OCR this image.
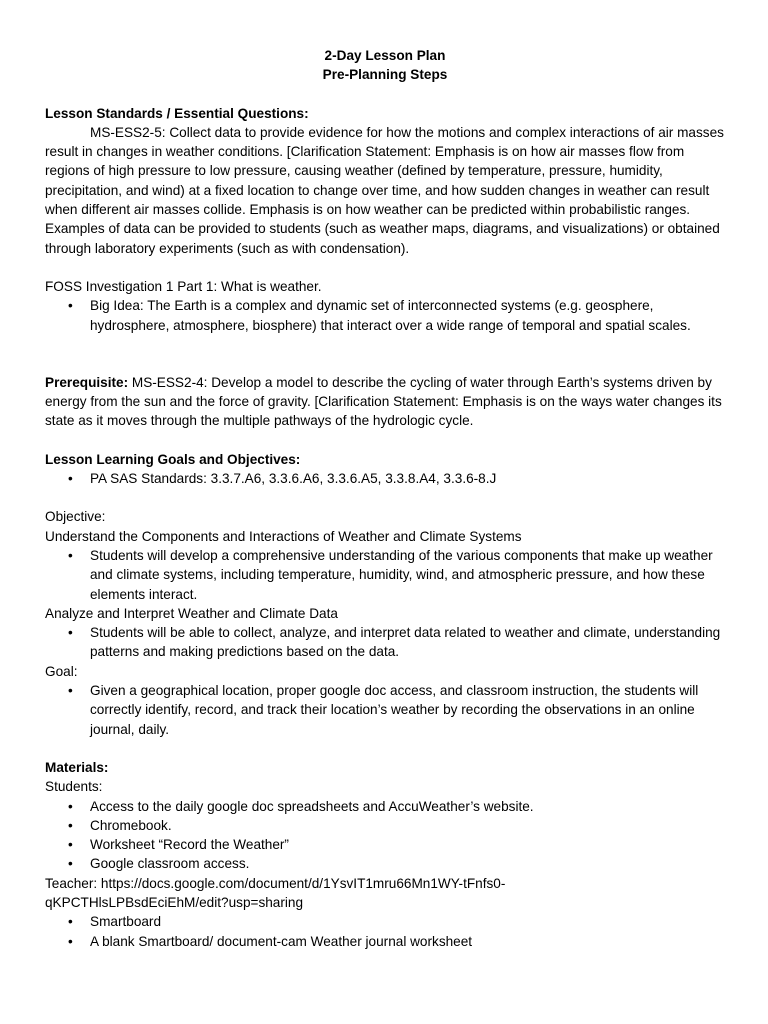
2-Day Lesson Plan

Pre-Planning Steps

Lesson Standards / Essential Questions:

MS-ESS2-5: Collect data to provide evidence for how the motions and complex interactions of air masses result in changes in weather conditions. [Clarification Statement: Emphasis is on how air masses flow from regions of high pressure to low pressure, causing weather (defined by temperature, pressure, humidity, precipitation, and wind) at a fixed location to change over time, and how sudden changes in weather can result when different air masses collide. Emphasis is on how weather can be predicted within probabilistic ranges. Examples of data can be provided to students (such as weather maps, diagrams, and visualizations) or obtained through laboratory experiments (such as with condensation).

FOSS Investigation 1 Part 1: What is weather.

• Big Idea: The Earth is a complex and dynamic set of interconnected systems (e.g. geosphere, hydrosphere, atmosphere, biosphere) that interact over a wide range of temporal and spatial scales.

Prerequisite: MS-ESS2-4: Develop a model to describe the cycling of water through Earth’s systems driven by energy from the sun and the force of gravity. [Clarification Statement: Emphasis is on the ways water changes its state as it moves through the multiple pathways of the hydrologic cycle.

Lesson Learning Goals and Objectives:

• PA SAS Standards: 3.3.7.A6, 3.3.6.A6, 3.3.6.A5, 3.3.8.A4, 3.3.6-8.J

Objective:

Understand the Components and Interactions of Weather and Climate Systems

• Students will develop a comprehensive understanding of the various components that make up weather and climate systems, including temperature, humidity, wind, and atmospheric pressure, and how these elements interact.

Analyze and Interpret Weather and Climate Data

• Students will be able to collect, analyze, and interpret data related to weather and climate, understanding patterns and making predictions based on the data.

Goal:

• Given a geographical location, proper google doc access, and classroom instruction, the students will correctly identify, record, and track their location’s weather by recording the observations in an online journal, daily.

Materials:

Students:

• Access to the daily google doc spreadsheets and AccuWeather’s website.
• Chromebook.
• Worksheet “Record the Weather”
• Google classroom access.

Teacher: https://docs.google.com/document/d/1YsvIT1mru66Mn1WY-tFnfs0-

qKPCTHlsLPBsdEciEhM/edit?usp=sharing

• Smartboard
• A blank Smartboard/ document-cam Weather journal worksheet
